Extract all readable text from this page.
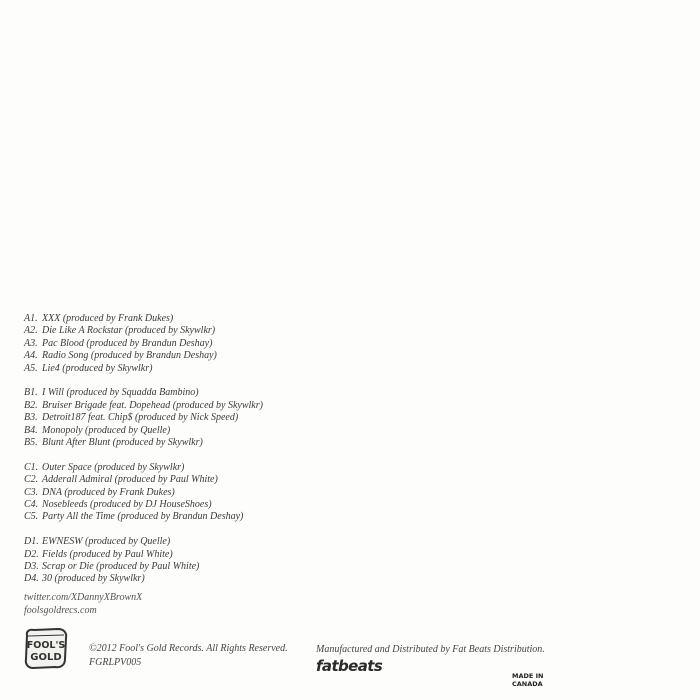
A1. XXX (produced by Frank Dukes)
A2. Die Like A Rockstar (produced by Skywlkr)
A3. Pac Blood (produced by Brandun Deshay)
A4. Radio Song (produced by Brandun Deshay)
A5. Lie4 (produced by Skywlkr)
B1. I Will (produced by Squadda Bambino)
B2. Bruiser Brigade feat. Dopehead (produced by Skywlkr)
B3. Detroit187 feat. Chip$ (produced by Nick Speed)
B4. Monopoly (produced by Quelle)
B5. Blunt After Blunt (produced by Skywlkr)
C1. Outer Space (produced by Skywlkr)
C2. Adderall Admiral (produced by Paul White)
C3. DNA (produced by Frank Dukes)
C4. Nosebleeds (produced by DJ HouseShoes)
C5. Party All the Time (produced by Brandun Deshay)
D1. EWNESW (produced by Quelle)
D2. Fields (produced by Paul White)
D3. Scrap or Die (produced by Paul White)
D4. 30 (produced by Skywlkr)
twitter.com/XDannyXBrownX
foolsgoldrecs.com
FOOL'S
GOLD
©2012 Fool's Gold Records. All Rights Reserved.
FGRLPV005
Manufactured and Distributed by Fat Beats Distribution.
fatbeats
MADE IN
CANADA
